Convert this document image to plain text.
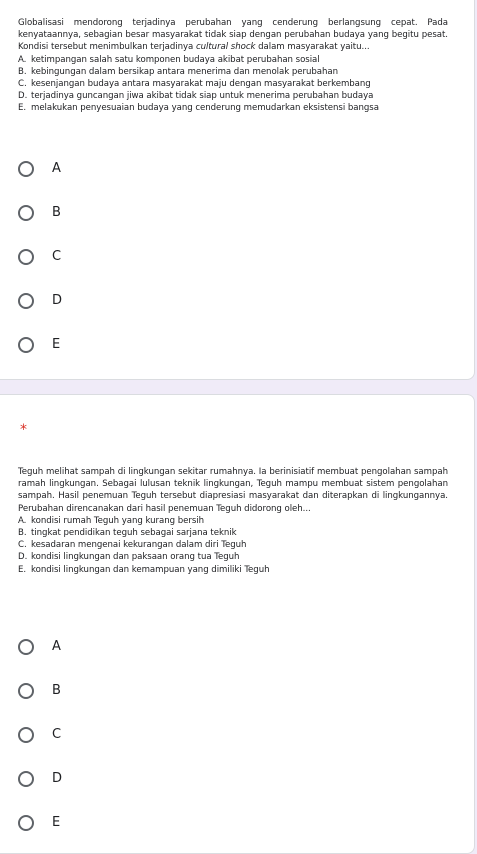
Globalisasi mendorong terjadinya perubahan yang cenderung berlangsung cepat. Pada kenyataannya, sebagian besar masyarakat tidak siap dengan perubahan budaya yang begitu pesat. Kondisi tersebut menimbulkan terjadinya cultural shock dalam masyarakat yaitu...

A. ketimpangan salah satu komponen budaya akibat perubahan sosial
B. kebingungan dalam bersikap antara menerima dan menolak perubahan
C. kesenjangan budaya antara masyarakat maju dengan masyarakat berkembang
D. terjadinya guncangan jiwa akibat tidak siap untuk menerima perubahan budaya
E. melakukan penyesuaian budaya yang cenderung memudarkan eksistensi bangsa
A
B
C
D
E
*

Teguh melihat sampah di lingkungan sekitar rumahnya. Ia berinisiatif membuat pengolahan sampah ramah lingkungan. Sebagai lulusan teknik lingkungan, Teguh mampu membuat sistem pengolahan sampah. Hasil penemuan Teguh tersebut diapresiasi masyarakat dan diterapkan di lingkungannya. Perubahan direncanakan dari hasil penemuan Teguh didorong oleh...

A. kondisi rumah Teguh yang kurang bersih
B. tingkat pendidikan teguh sebagai sarjana teknik
C. kesadaran mengenai kekurangan dalam diri Teguh
D. kondisi lingkungan dan paksaan orang tua Teguh
E. kondisi lingkungan dan kemampuan yang dimiliki Teguh
A
B
C
D
E
